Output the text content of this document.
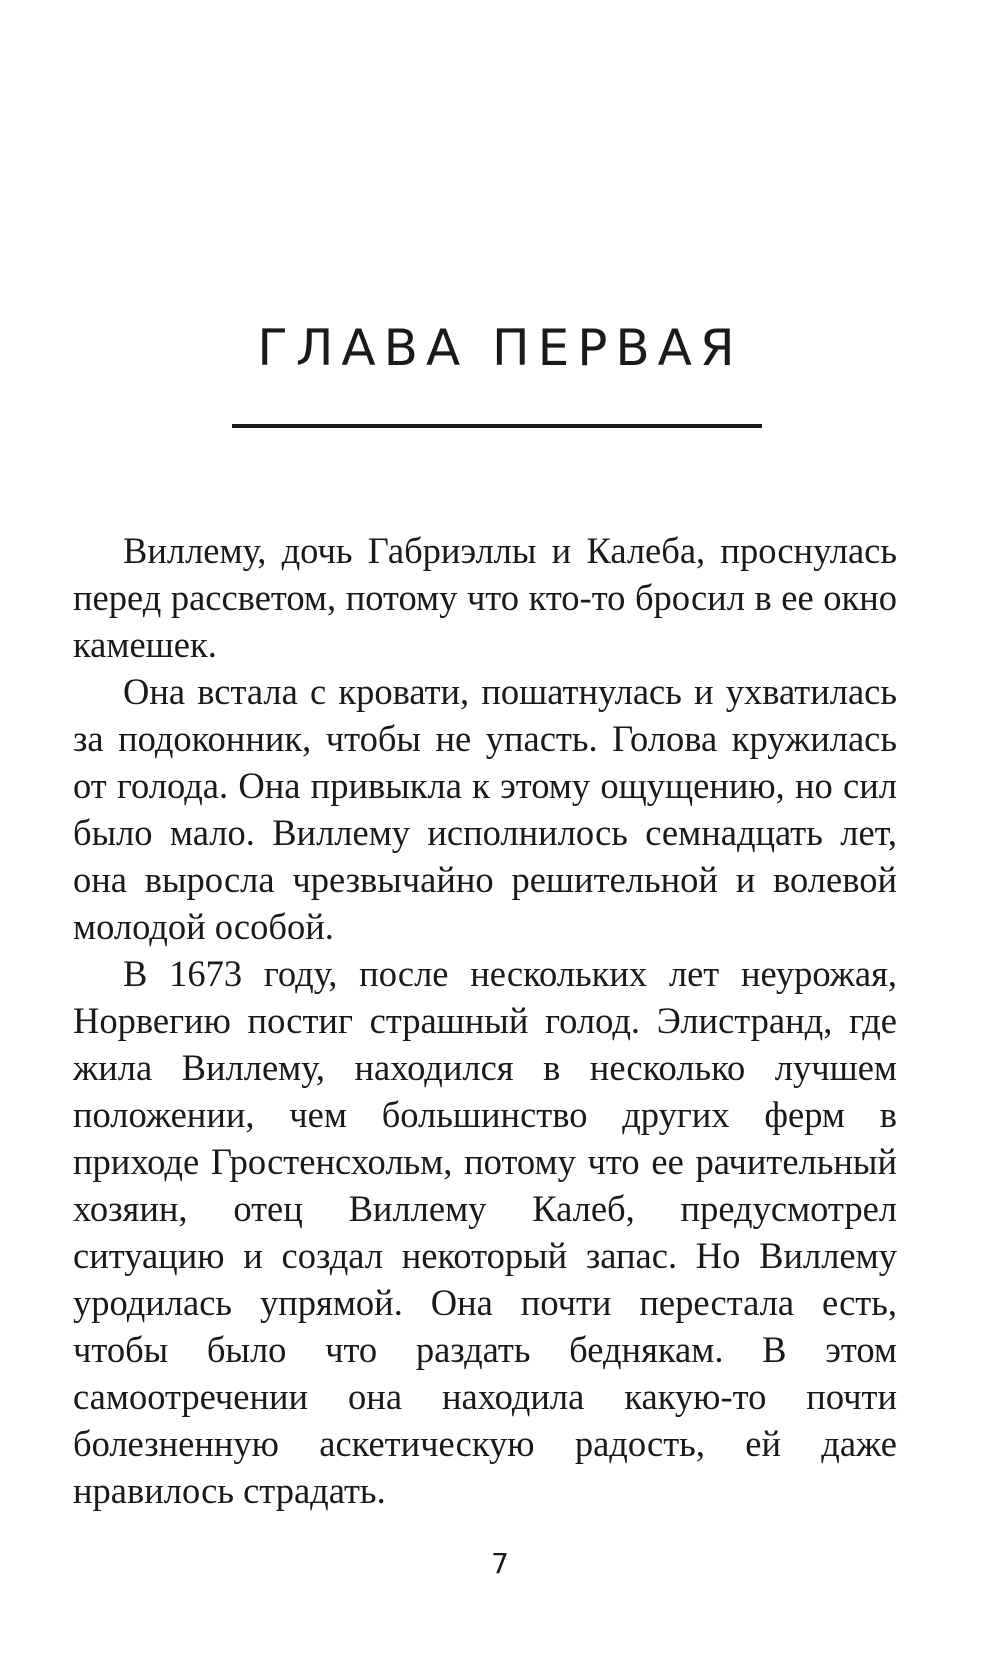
ГЛАВА ПЕРВАЯ

Виллему, дочь Габриэллы и Калеба, проснулась перед рассветом, потому что кто-то бросил в ее окно камешек.

Она встала с кровати, пошатнулась и ухватилась за подоконник, чтобы не упасть. Голова кружилась от голода. Она привыкла к этому ощущению, но сил было мало. Виллему исполнилось семнадцать лет, она выросла чрезвычайно решительной и волевой молодой особой.

В 1673 году, после нескольких лет неурожая, Норвегию постиг страшный голод. Элистранд, где жила Виллему, находился в несколько лучшем положении, чем большинство других ферм в приходе Гростенсхольм, потому что ее рачительный хозяин, отец Виллему Калеб, предусмотрел ситуацию и создал некоторый запас. Но Виллему уродилась упрямой. Она почти перестала есть, чтобы было что раздать беднякам. В этом самоотречении она находила какую-то почти болезненную аскетическую радость, ей даже нравилось страдать.

7
